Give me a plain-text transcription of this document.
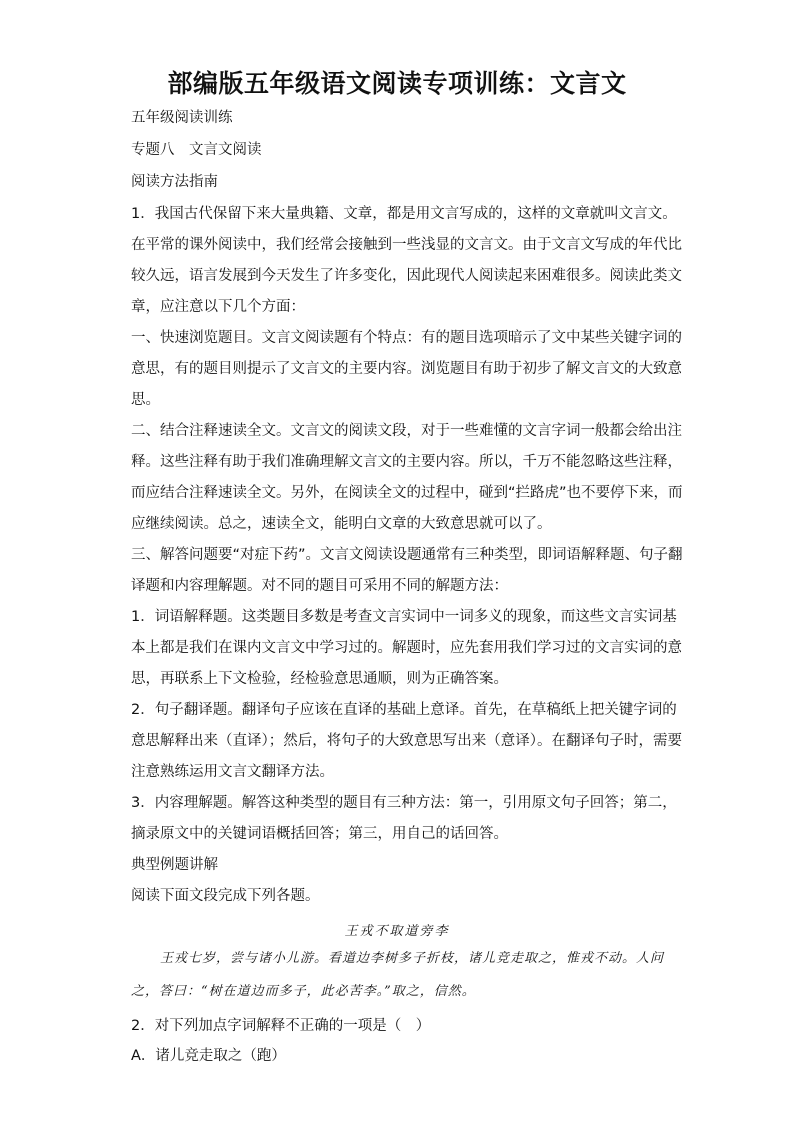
部编版五年级语文阅读专项训练：文言文
五年级阅读训练
专题八　文言文阅读
阅读方法指南
1．我国古代保留下来大量典籍、文章，都是用文言写成的，这样的文章就叫文言文。
在平常的课外阅读中，我们经常会接触到一些浅显的文言文。由于文言文写成的年代比
较久远，语言发展到今天发生了许多变化，因此现代人阅读起来困难很多。阅读此类文
章，应注意以下几个方面：
一、快速浏览题目。文言文阅读题有个特点：有的题目选项暗示了文中某些关键字词的
意思，有的题目则提示了文言文的主要内容。浏览题目有助于初步了解文言文的大致意
思。
二、结合注释速读全文。文言文的阅读文段，对于一些难懂的文言字词一般都会给出注
释。这些注释有助于我们准确理解文言文的主要内容。所以，千万不能忽略这些注释，
而应结合注释速读全文。另外，在阅读全文的过程中，碰到“拦路虎”也不要停下来，而
应继续阅读。总之，速读全文，能明白文章的大致意思就可以了。
三、解答问题要“对症下药”。文言文阅读设题通常有三种类型，即词语解释题、句子翻
译题和内容理解题。对不同的题目可采用不同的解题方法：
1．词语解释题。这类题目多数是考查文言实词中一词多义的现象，而这些文言实词基
本上都是我们在课内文言文中学习过的。解题时，应先套用我们学习过的文言实词的意
思，再联系上下文检验，经检验意思通顺，则为正确答案。
2．句子翻译题。翻译句子应该在直译的基础上意译。首先，在草稿纸上把关键字词的
意思解释出来（直译）；然后，将句子的大致意思写出来（意译）。在翻译句子时，需要
注意熟练运用文言文翻译方法。
3．内容理解题。解答这种类型的题目有三种方法：第一，引用原文句子回答；第二，
摘录原文中的关键词语概括回答；第三，用自己的话回答。
典型例题讲解
阅读下面文段完成下列各题。
王戎不取道旁李
王戎七岁，尝与诸小儿游。看道边李树多子折枝，诸儿竞走取之，惟戎不动。人问
之，答曰：“树在道边而多子，此必苦李。”取之，信然。
2．对下列加点字词解释不正确的一项是（　）
A．诸儿竞走取之（跑）
